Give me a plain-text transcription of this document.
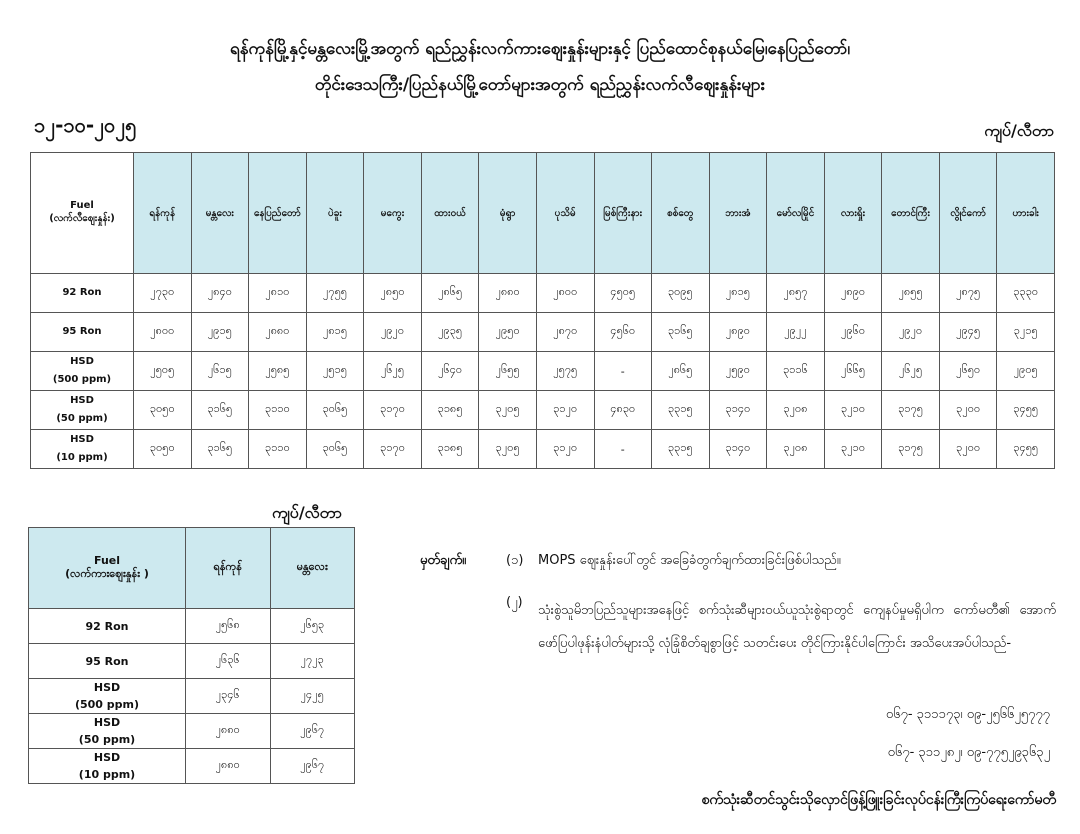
ရန်ကုန်မြို့နှင့်မန္တလေးမြို့အတွက် ရည်ညွှန်းလက်ကားဈေးနှုန်းများနှင့် ပြည်ထောင်စုနယ်မြေ၊နေပြည်တော်၊
တိုင်းဒေသကြီး/ပြည်နယ်မြို့တော်များအတွက် ရည်ညွှန်းလက်လီဈေးနှုန်းများ
၁၂-၁၀-၂၀၂၅	ကျပ်/လီတာ
Fuel
(လက်လီဈေးနှုန်း)	ရန်ကုန်	မန္တလေး	နေပြည်တော်	ပဲခူး	မကွေး	ထားဝယ်	မုံရွာ	ပုသိမ်	မြစ်ကြီးနား	စစ်တွေ	ဘားအံ	မော်လမြိုင်	လားရှိုး	တောင်ကြီး	လွိုင်ကော်	ဟားခါး

92 Ron	၂၇၃၀	၂၈၄၀	၂၈၁၀	၂၇၅၅	၂၈၅၀	၂၈၆၅	၂၈၈၀	၂၈၀၀	၄၅၀၅	၃၀၉၅	၂၈၁၅	၂၈၅၇	၂၈၉၀	၂၈၅၅	၂၈၇၅	၃၃၃၀

95 Ron	၂၈၀၀	၂၉၁၅	၂၈၈၀	၂၈၁၅	၂၉၂၀	၂၉၃၅	၂၉၅၀	၂၈၇၀	၄၅၆၀	၃၁၆၅	၂၈၉၀	၂၉၂၂	၂၉၆၀	၂၉၂၀	၂၉၄၅	၃၂၁၅

HSD
(500 ppm)	၂၅၀၅	၂၆၁၅	၂၅၈၅	၂၅၁၅	၂၆၂၅	၂၆၄၀	၂၆၅၅	၂၅၇၅	-	၂၈၆၅	၂၅၉၀	၃၁၁၆	၂၆၆၅	၂၆၂၅	၂၆၅၀	၂၉၀၅

HSD
(50 ppm)	၃၀၅၀	၃၁၆၅	၃၁၁၀	၃၀၆၅	၃၁၇၀	၃၁၈၅	၃၂၀၅	၃၁၂၀	၄၈၃၀	၃၃၁၅	၃၁၄၀	၃၂၀၈	၃၂၁၀	၃၁၇၅	၃၂၀၀	၃၄၅၅

HSD
(10 ppm)	၃၀၅၀	၃၁၆၅	၃၁၁၀	၃၀၆၅	၃၁၇၀	၃၁၈၅	၃၂၀၅	၃၁၂၀	-	၃၃၁၅	၃၁၄၀	၃၂၀၈	၃၂၁၀	၃၁၇၅	၃၂၀၀	၃၄၅၅
ကျပ်/လီတာ
Fuel
(လက်ကားဈေးနှုန်း )	ရန်ကုန်	မန္တလေး

92 Ron	၂၅၆၈	၂၆၅၃

95 Ron	၂၆၃၆	၂၇၂၃

HSD
(500 ppm)	၂၃၄၆	၂၄၂၅

HSD
(50 ppm)	၂၈၈၀	၂၉၆၇

HSD
(10 ppm)	၂၈၈၀	၂၉၆၇
မှတ်ချက်။	(၁) MOPS ဈေးနှုန်းပေါ်တွင် အခြေခံတွက်ချက်ထားခြင်းဖြစ်ပါသည်။
(၂)
သုံးစွဲသူမိဘပြည်သူများအနေဖြင့် စက်သုံးဆီများဝယ်ယူသုံးစွဲရာတွင် ကျေနပ်မှုမရှိပါက ကော်မတီ၏ အောက်ဖော်ပြပါဖုန်းနံပါတ်များသို့ လုံခြုံစိတ်ချစွာဖြင့် သတင်းပေး တိုင်ကြားနိုင်ပါကြောင်း အသိပေးအပ်ပါသည်-
၀၆၇- ၃၁၁၁၇၃၊ ၀၉-၂၅၆၆၂၅၇၇၇
၀၆၇- ၃၁၁၂၈၂၊ ၀၉-၇၇၅၂၉၃၆၃၂
စက်သုံးဆီတင်သွင်းသိုလှောင်ဖြန့်ဖြူးခြင်းလုပ်ငန်းကြီးကြပ်ရေးကော်မတီ
